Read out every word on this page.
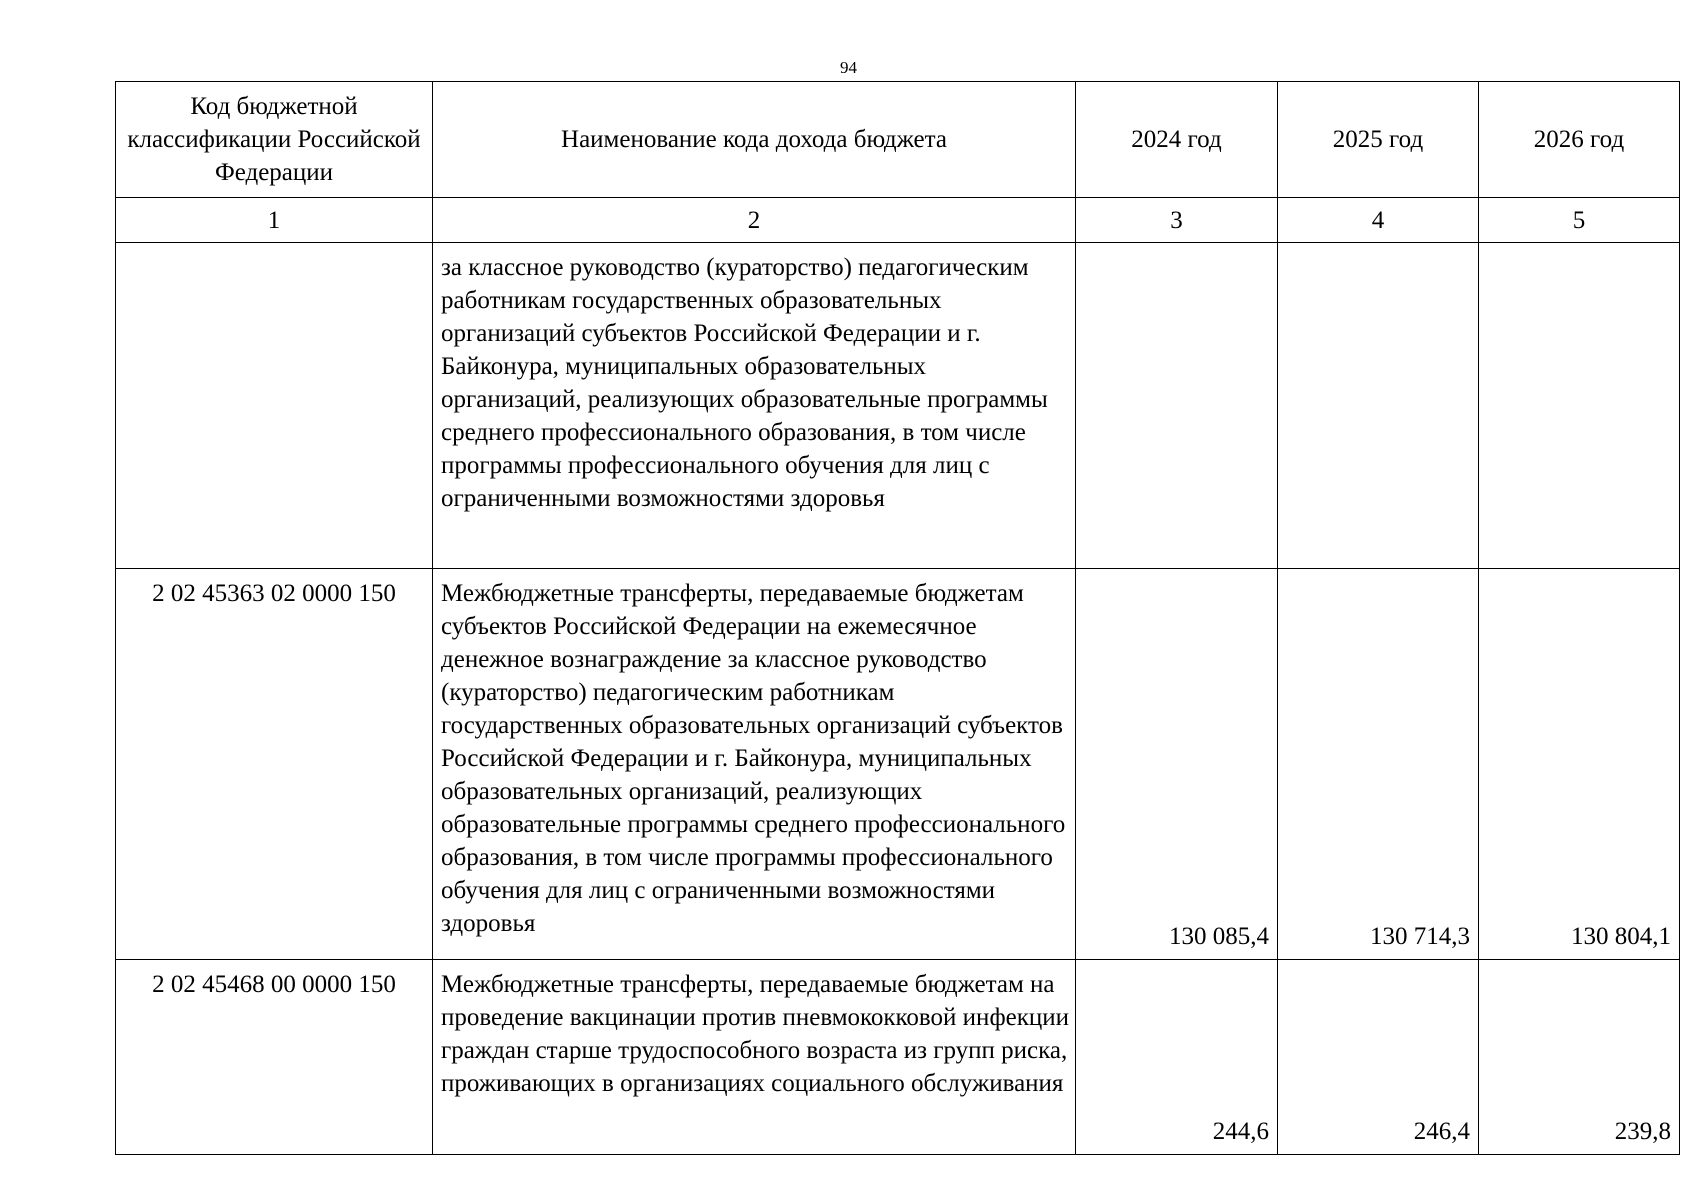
94
Код бюджетной классификации Российской Федерации	Наименование кода дохода бюджета	2024 год	2025 год	2026 год
1	2	3	4	5
	за классное руководство (кураторство) педагогическим работникам государственных образовательных организаций субъектов Российской Федерации и г. Байконура, муниципальных образовательных организаций, реализующих образовательные программы среднего профессионального образования, в том числе программы профессионального обучения для лиц с ограниченными возможностями здоровья			
2 02 45363 02 0000 150	Межбюджетные трансферты, передаваемые бюджетам субъектов Российской Федерации на ежемесячное денежное вознаграждение за классное руководство (кураторство) педагогическим работникам государственных образовательных организаций субъектов Российской Федерации и г. Байконура, муниципальных образовательных организаций, реализующих образовательные программы среднего профессионального образования, в том числе программы профессионального обучения для лиц с ограниченными возможностями здоровья	130 085,4	130 714,3	130 804,1
2 02 45468 00 0000 150	Межбюджетные трансферты, передаваемые бюджетам на проведение вакцинации против пневмококковой инфекции граждан старше трудоспособного возраста из групп риска, проживающих в организациях социального обслуживания	244,6	246,4	239,8
